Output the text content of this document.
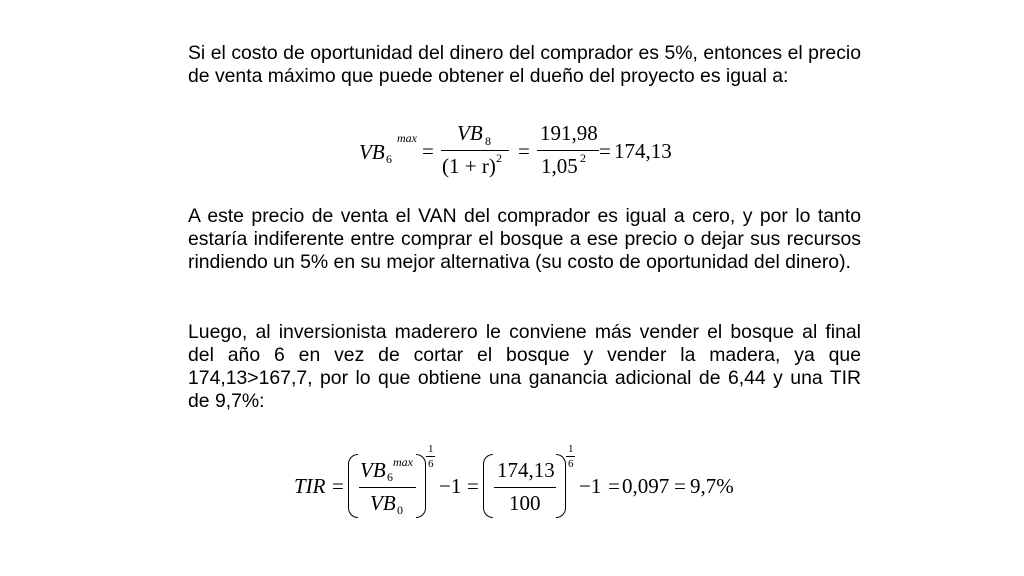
Si el costo de oportunidad del dinero del comprador es 5%, entonces el precio de venta máximo que puede obtener el dueño del proyecto es igual a:

VB 6
max
=
VB 8
(1 + r) 2 =
191,98
1,05 2 = 174,13

A este precio de venta el VAN del comprador es igual a cero, y por lo tanto estaría indiferente entre comprar el bosque a ese precio o dejar sus recursos rindiendo un 5% en su mejor alternativa (su costo de oportunidad del dinero).

Luego, al inversionista maderero le conviene más vender el bosque al final del año 6 en vez de cortar el bosque y vender la madera, ya que 174,13>167,7, por lo que obtiene una ganancia adicional de 6,44 y una TIR de 9,7%:

TIR =
VB 6
max
VB 0
1
6
−1 =
174,13
100
1
6
−1 = 0,097 = 9,7%
